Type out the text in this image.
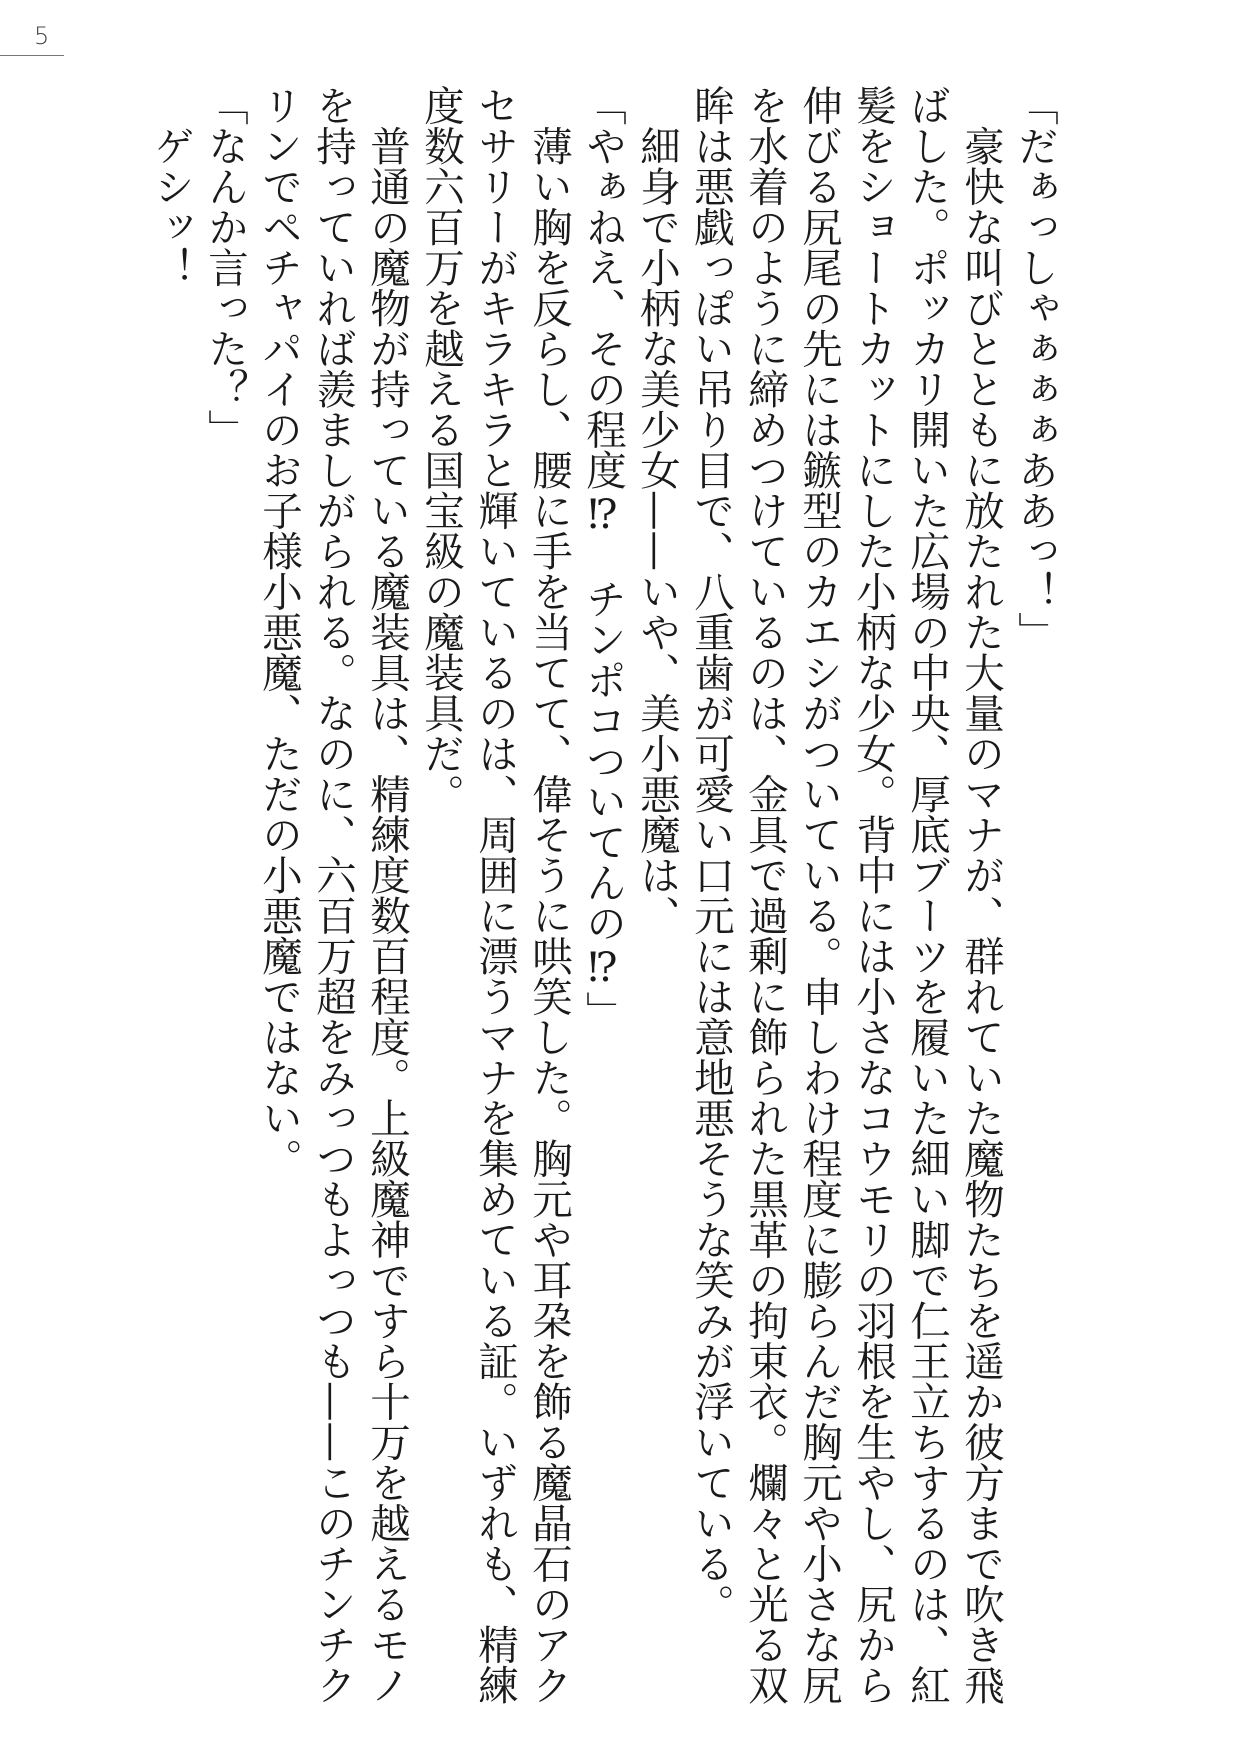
5
「だぁっしゃぁぁぁああっ！」
　豪快な叫びとともに放たれた大量のマナが、群れていた魔物たちを遥か彼方まで吹き飛
ばした。ポッカリ開いた広場の中央、厚底ブーツを履いた細い脚で仁王立ちするのは、紅
髪をショートカットにした小柄な少女。背中には小さなコウモリの羽根を生やし、尻から
伸びる尻尾の先には鏃型のカエシがついている。申しわけ程度に膨らんだ胸元や小さな尻
を水着のように締めつけているのは、金具で過剰に飾られた黒革の拘束衣。爛々と光る双
眸は悪戯っぽい吊り目で、八重歯が可愛い口元には意地悪そうな笑みが浮いている。
　細身で小柄な美少女——いや、美小悪魔は、
「やぁねえ、その程度⁉　チンポコついてんの⁉」
　薄い胸を反らし、腰に手を当てて、偉そうに哄笑した。胸元や耳朶を飾る魔晶石のアク
セサリーがキラキラと輝いているのは、周囲に漂うマナを集めている証。いずれも、精練
度数六百万を越える国宝級の魔装具だ。
　普通の魔物が持っている魔装具は、精練度数百程度。上級魔神ですら十万を越えるモノ
を持っていれば羨ましがられる。なのに、六百万超をみっつもよっつも——このチンチク
リンでペチャパイのお子様小悪魔、ただの小悪魔ではない。
「なんか言った？」
　ゲシッ！
